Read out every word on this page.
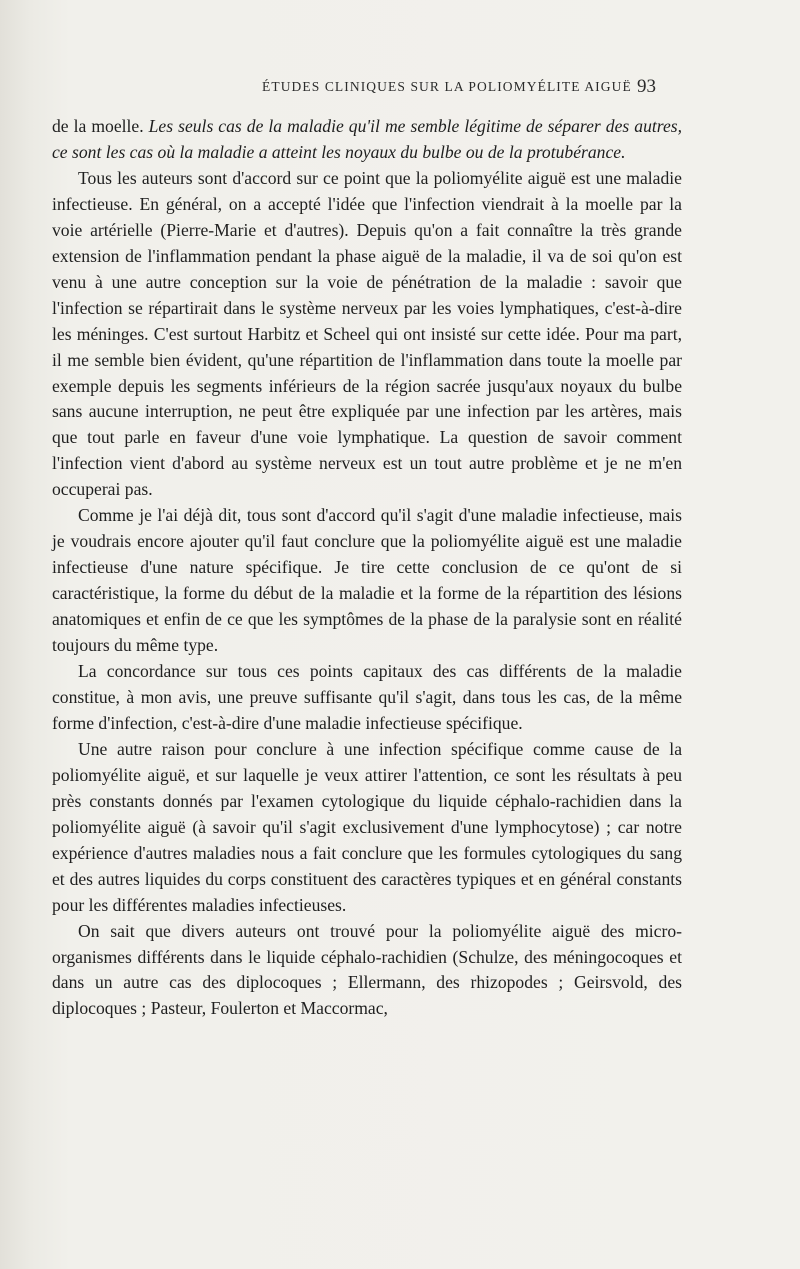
ÉTUDES CLINIQUES SUR LA POLIOMYÉLITE AIGUË 93

de la moelle. Les seuls cas de la maladie qu'il me semble légitime de séparer des autres, ce sont les cas où la maladie a atteint les noyaux du bulbe ou de la protubérance.

Tous les auteurs sont d'accord sur ce point que la poliomyélite aiguë est une maladie infectieuse. En général, on a accepté l'idée que l'infection viendrait à la moelle par la voie artérielle (Pierre-Marie et d'autres). Depuis qu'on a fait connaître la très grande extension de l'inflammation pendant la phase aiguë de la maladie, il va de soi qu'on est venu à une autre conception sur la voie de pénétration de la maladie : savoir que l'infection se répartirait dans le système nerveux par les voies lymphatiques, c'est-à-dire les méninges. C'est surtout Harbitz et Scheel qui ont insisté sur cette idée. Pour ma part, il me semble bien évident, qu'une répartition de l'inflammation dans toute la moelle par exemple depuis les segments inférieurs de la région sacrée jusqu'aux noyaux du bulbe sans aucune interruption, ne peut être expliquée par une infection par les artères, mais que tout parle en faveur d'une voie lymphatique. La question de savoir comment l'infection vient d'abord au système nerveux est un tout autre problème et je ne m'en occuperai pas.

Comme je l'ai déjà dit, tous sont d'accord qu'il s'agit d'une maladie infectieuse, mais je voudrais encore ajouter qu'il faut conclure que la poliomyélite aiguë est une maladie infectieuse d'une nature spécifique. Je tire cette conclusion de ce qu'ont de si caractéristique, la forme du début de la maladie et la forme de la répartition des lésions anatomiques et enfin de ce que les symptômes de la phase de la paralysie sont en réalité toujours du même type.

La concordance sur tous ces points capitaux des cas différents de la maladie constitue, à mon avis, une preuve suffisante qu'il s'agit, dans tous les cas, de la même forme d'infection, c'est-à-dire d'une maladie infectieuse spécifique.

Une autre raison pour conclure à une infection spécifique comme cause de la poliomyélite aiguë, et sur laquelle je veux attirer l'attention, ce sont les résultats à peu près constants donnés par l'examen cytologique du liquide céphalo-rachidien dans la poliomyélite aiguë (à savoir qu'il s'agit exclusivement d'une lymphocytose) ; car notre expérience d'autres maladies nous a fait conclure que les formules cytologiques du sang et des autres liquides du corps constituent des caractères typiques et en général constants pour les différentes maladies infectieuses.

On sait que divers auteurs ont trouvé pour la poliomyélite aiguë des micro-organismes différents dans le liquide céphalo-rachidien (Schulze, des méningocoques et dans un autre cas des diplocoques ; Ellermann, des rhizopodes ; Geirsvold, des diplocoques ; Pasteur, Foulerton et Maccormac,
